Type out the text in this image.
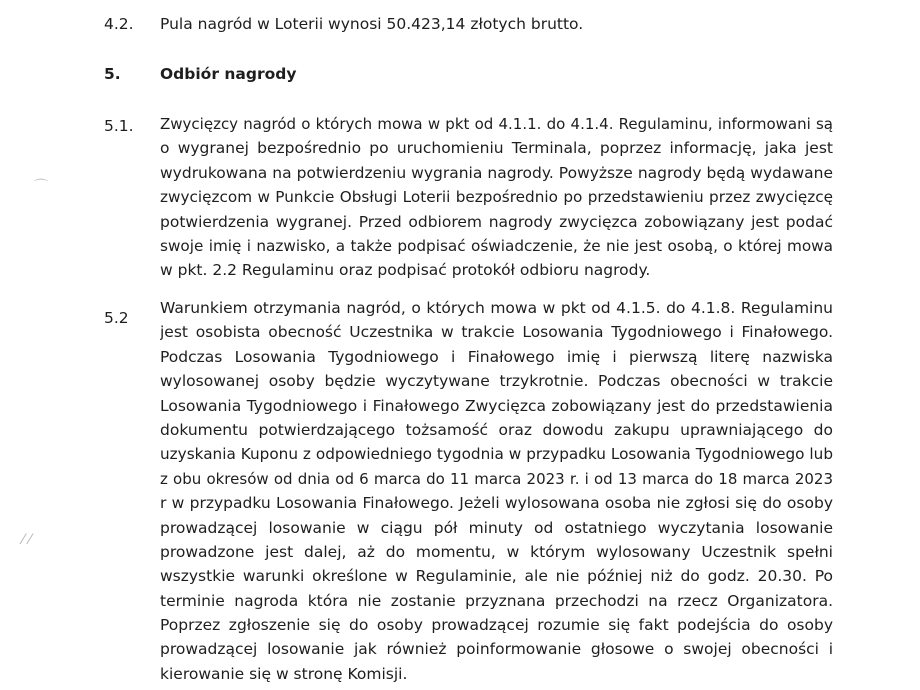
⌒
⁄ ⁄
4.2. Pula nagród w Loterii wynosi 50.423,14 złotych brutto.
5.	Odbiór nagrody
5.1. Zwycięzcy nagród o których mowa w pkt od 4.1.1. do 4.1.4. Regulaminu, informowani są
o wygranej bezpośrednio po uruchomieniu Terminala, poprzez informację, jaka jest
wydrukowana na potwierdzeniu wygrania nagrody. Powyższe nagrody będą wydawane
zwycięzcom w Punkcie Obsługi Loterii bezpośrednio po przedstawieniu przez zwycięzcę
potwierdzenia wygranej. Przed odbiorem nagrody zwycięzca zobowiązany jest podać
swoje imię i nazwisko, a także podpisać oświadczenie, że nie jest osobą, o której mowa
w pkt. 2.2 Regulaminu oraz podpisać protokół odbioru nagrody.
5.2
Warunkiem otrzymania nagród, o których mowa w pkt od 4.1.5. do 4.1.8. Regulaminu
jest osobista obecność Uczestnika w trakcie Losowania Tygodniowego i Finałowego.
Podczas Losowania Tygodniowego i Finałowego imię i pierwszą literę nazwiska
wylosowanej osoby będzie wyczytywane trzykrotnie. Podczas obecności w trakcie
Losowania Tygodniowego i Finałowego Zwycięzca zobowiązany jest do przedstawienia
dokumentu potwierdzającego tożsamość oraz dowodu zakupu uprawniającego do
uzyskania Kuponu z odpowiedniego tygodnia w przypadku Losowania Tygodniowego lub
z obu okresów od dnia od 6 marca do 11 marca 2023 r. i od 13 marca do 18 marca 2023
r w przypadku Losowania Finałowego. Jeżeli wylosowana osoba nie zgłosi się do osoby
prowadzącej losowanie w ciągu pół minuty od ostatniego wyczytania losowanie
prowadzone jest dalej, aż do momentu, w którym wylosowany Uczestnik spełni
wszystkie warunki określone w Regulaminie, ale nie później niż do godz. 20.30. Po
terminie nagroda która nie zostanie przyznana przechodzi na rzecz Organizatora.
Poprzez zgłoszenie się do osoby prowadzącej rozumie się fakt podejścia do osoby
prowadzącej losowanie jak również poinformowanie głosowe o swojej obecności i
kierowanie się w stronę Komisji.
